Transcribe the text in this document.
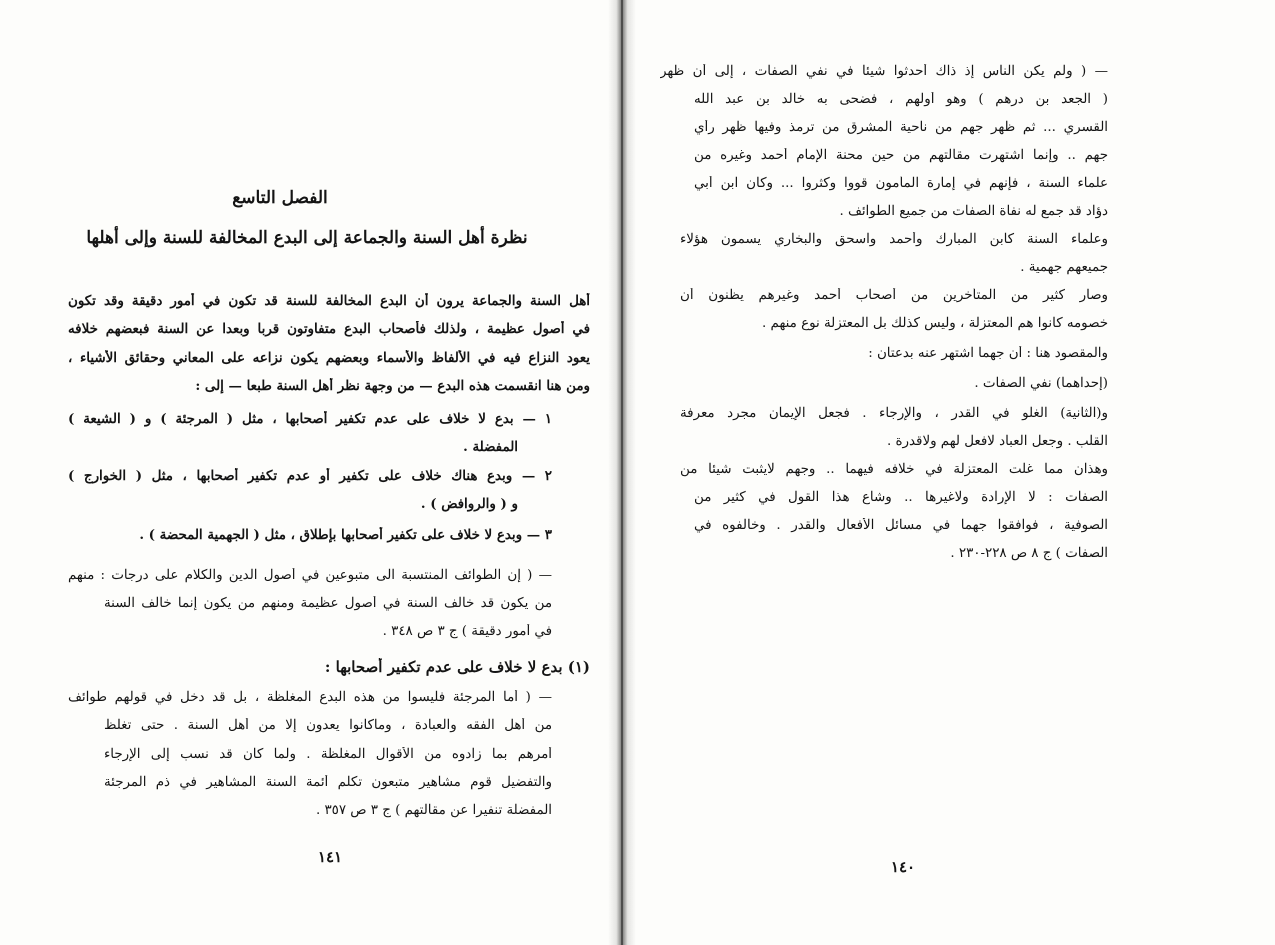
الفصل التاسع
نظرة أهل السنة والجماعة إلى البدع المخالفة للسنة وإلى أهلها
أهل السنة والجماعة يرون أن البدع المخالفة للسنة قد تكون في أمور دقيقة وقد تكون
في أصول عظيمة ، ولذلك فأصحاب البدع متفاوتون قربا وبعدا عن السنة فبعضهم خلافه
يعود النزاع فيه في الألفاظ والأسماء وبعضهم يكون نزاعه على المعاني وحقائق الأشياء ،
ومن هنا انقسمت هذه البدع — من وجهة نظر أهل السنة طبعا — إلى :
١ — بدع لا خلاف على عدم تكفير أصحابها ، مثل ( المرجئة ) و ( الشيعة )
المفضلة .
٢ — وبدع هناك خلاف على تكفير أو عدم تكفير أصحابها ، مثل ( الخوارج )
و ( والروافض ) .
٣ — وبدع لا خلاف على تكفير أصحابها بإطلاق ، مثل ( الجهمية المحضة ) .
— ( إن الطوائف المنتسبة الى متبوعين في أصول الدين والكلام على درجات : منهم
من يكون قد خالف السنة في أصول عظيمة ومنهم من يكون إنما خالف السنة
في أمور دقيقة ) ج ٣ ص ٣٤٨ .
(١) بدع لا خلاف على عدم تكفير أصحابها :
— ( أما المرجئة فليسوا من هذه البدع المغلظة ، بل قد دخل في قولهم طوائف
من أهل الفقه والعبادة ، وماكانوا يعدون إلا من أهل السنة . حتى تغلظ
أمرهم بما زادوه من الأقوال المغلظة . ولما كان قد نسب إلى الإرجاء
والتفضيل قوم مشاهير متبعون تكلم أئمة السنة المشاهير في ذم المرجئة
المفضلة تنفيرا عن مقالتهم ) ج ٣ ص ٣٥٧ .
١٤١
— ( ولم يكن الناس إذ ذاك أحدثوا شيئا في نفي الصفات ، إلى أن ظهر
( الجعد بن درهم ) وهو أولهم ، فضحى به خالد بن عبد الله
القسري ... ثم ظهر جهم من ناحية المشرق من ترمذ وفيها ظهر رأي
جهم .. وإنما اشتهرت مقالتهم من حين محنة الإمام أحمد وغيره من
علماء السنة ، فإنهم في إمارة المأمون قووا وكثروا ... وكان ابن أبي
دؤاد قد جمع له نفاة الصفات من جميع الطوائف .
وعلماء السنة كابن المبارك وأحمد واسحق والبخاري يسمون هؤلاء
جميعهم جهمية .
وصار كثير من المتأخرين من أصحاب أحمد وغيرهم يظنون أن
خصومه كانوا هم المعتزلة ، وليس كذلك بل المعتزلة نوع منهم .
والمقصود هنا : أن جهما اشتهر عنه بدعتان :
(إحداهما) نفي الصفات .
و(الثانية) الغلو في القدر ، والإرجاء . فجعل الإيمان مجرد معرفة
القلب . وجعل العباد لافعل لهم ولاقدرة .
وهذان مما غلت المعتزلة في خلافه فيهما .. وجهم لايثبت شيئا من
الصفات : لا الإرادة ولاغيرها .. وشاع هذا القول في كثير من
الصوفية ، فوافقوا جهما في مسائل الأفعال والقدر . وخالفوه في
الصفات ) ج ٨ ص ٢٢٨-٢٣٠ .
١٤٠
